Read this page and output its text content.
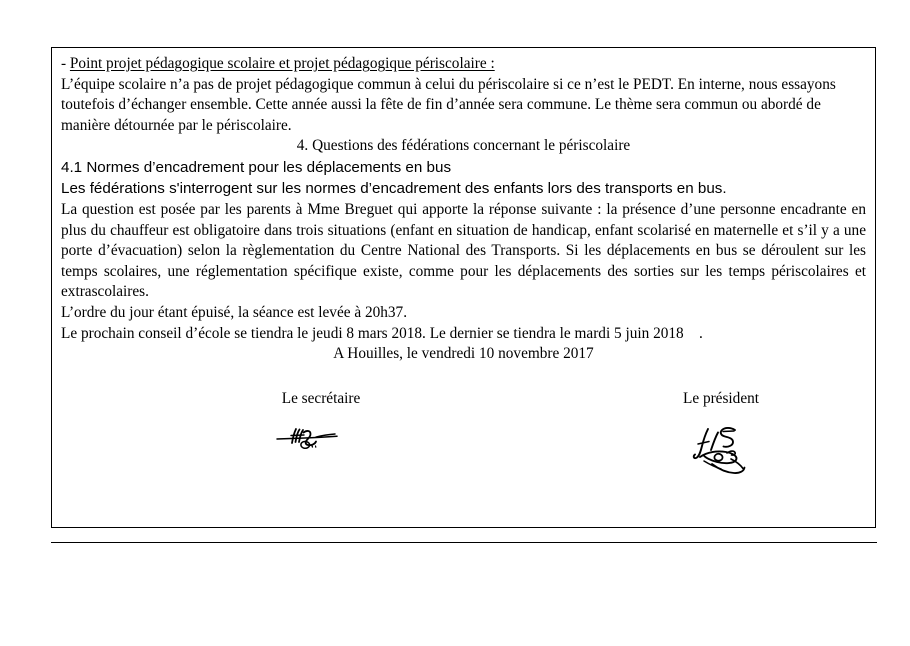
- Point projet pédagogique scolaire et projet pédagogique périscolaire :

L’équipe scolaire n’a pas de projet pédagogique commun à celui du périscolaire si ce n’est le PEDT. En interne, nous essayons toutefois d’échanger ensemble. Cette année aussi la fête de fin d’année sera commune. Le thème sera commun ou abordé de manière détournée par le périscolaire.

4. Questions des fédérations concernant le périscolaire

4.1 Normes d’encadrement pour les déplacements en bus

Les fédérations s'interrogent sur les normes d’encadrement des enfants lors des transports en bus.

La question est posée par les parents à Mme Breguet qui apporte la réponse suivante : la présence d’une personne encadrante en plus du chauffeur est obligatoire dans trois situations (enfant en situation de handicap, enfant scolarisé en maternelle et s’il y a une porte d’évacuation) selon la règlementation du Centre National des Transports. Si les déplacements en bus se déroulent sur les temps scolaires, une réglementation spécifique existe, comme pour les déplacements des sorties sur les temps périscolaires et extrascolaires.

L’ordre du jour étant épuisé, la séance est levée à 20h37.

Le prochain conseil d’école se tiendra le jeudi 8 mars 2018. Le dernier se tiendra le mardi 5 juin 2018    .

A Houilles, le vendredi 10 novembre 2017

Le secrétaire	Le président
